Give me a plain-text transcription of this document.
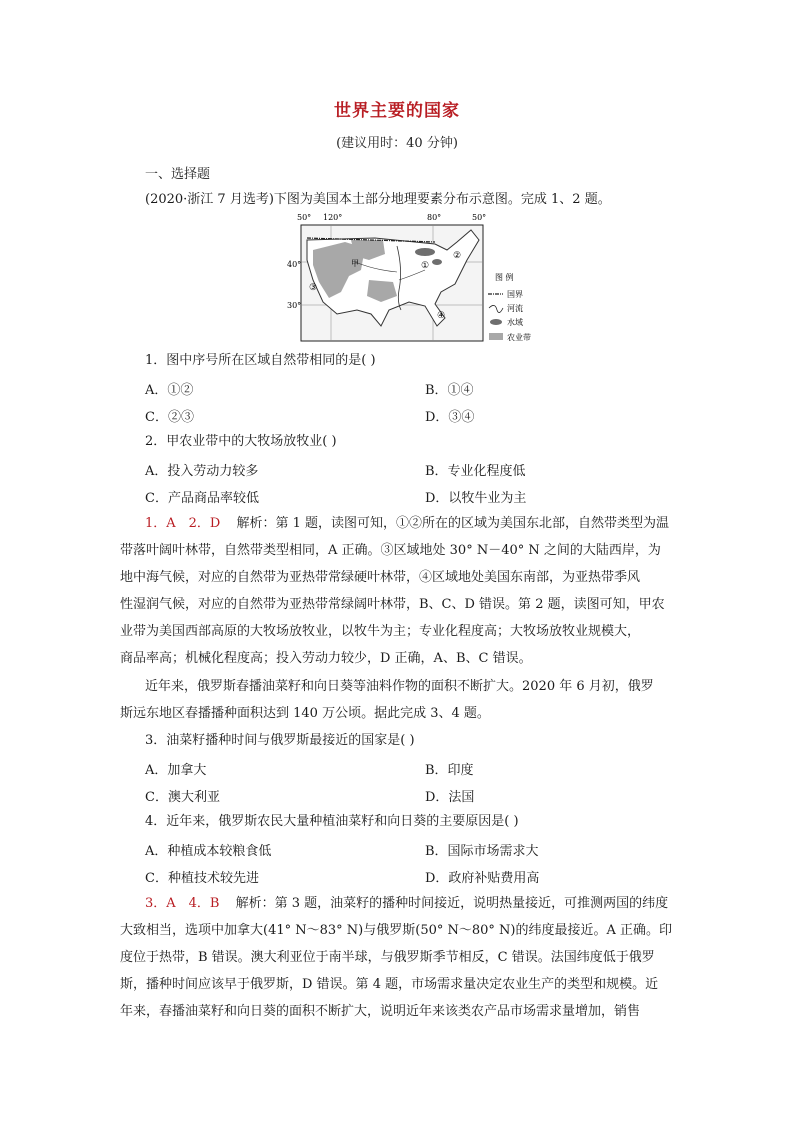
世界主要的国家
(建议用时：40 分钟)
一、选择题
(2020·浙江 7 月选考)下图为美国本土部分地理要素分布示意图。完成 1、2 题。
50° 120°	80°	50°
40°
30°
甲	①
②
③
④
图 例
国界
河流
水域
农业带
1．图中序号所在区域自然带相同的是( )
A．①②	B．①④
C．②③	D．③④
2．甲农业带中的大牧场放牧业( )
A．投入劳动力较多	B．专业化程度低
C．产品商品率较低	D．以牧牛业为主
1．A　2．D 解析：第 1 题，读图可知，①②所在的区域为美国东北部，自然带类型为温
带落叶阔叶林带，自然带类型相同，A 正确。③区域地处 30° N－40° N 之间的大陆西岸，为
地中海气候，对应的自然带为亚热带常绿硬叶林带，④区域地处美国东南部，为亚热带季风
性湿润气候，对应的自然带为亚热带常绿阔叶林带，B、C、D 错误。第 2 题，读图可知，甲农
业带为美国西部高原的大牧场放牧业，以牧牛为主；专业化程度高；大牧场放牧业规模大，
商品率高；机械化程度高；投入劳动力较少，D 正确，A、B、C 错误。
近年来，俄罗斯春播油菜籽和向日葵等油料作物的面积不断扩大。2020 年 6 月初，俄罗
斯远东地区春播播种面积达到 140 万公顷。据此完成 3、4 题。
3．油菜籽播种时间与俄罗斯最接近的国家是( )
A．加拿大	B．印度
C．澳大利亚	D．法国
4．近年来，俄罗斯农民大量种植油菜籽和向日葵的主要原因是( )
A．种植成本较粮食低	B．国际市场需求大
C．种植技术较先进	D．政府补贴费用高
3．A　4．B 解析：第 3 题，油菜籽的播种时间接近，说明热量接近，可推测两国的纬度
大致相当，选项中加拿大(41° N～83° N)与俄罗斯(50° N～80° N)的纬度最接近。A 正确。印
度位于热带，B 错误。澳大利亚位于南半球，与俄罗斯季节相反，C 错误。法国纬度低于俄罗
斯，播种时间应该早于俄罗斯，D 错误。第 4 题，市场需求量决定农业生产的类型和规模。近
年来，春播油菜籽和向日葵的面积不断扩大，说明近年来该类农产品市场需求量增加，销售
